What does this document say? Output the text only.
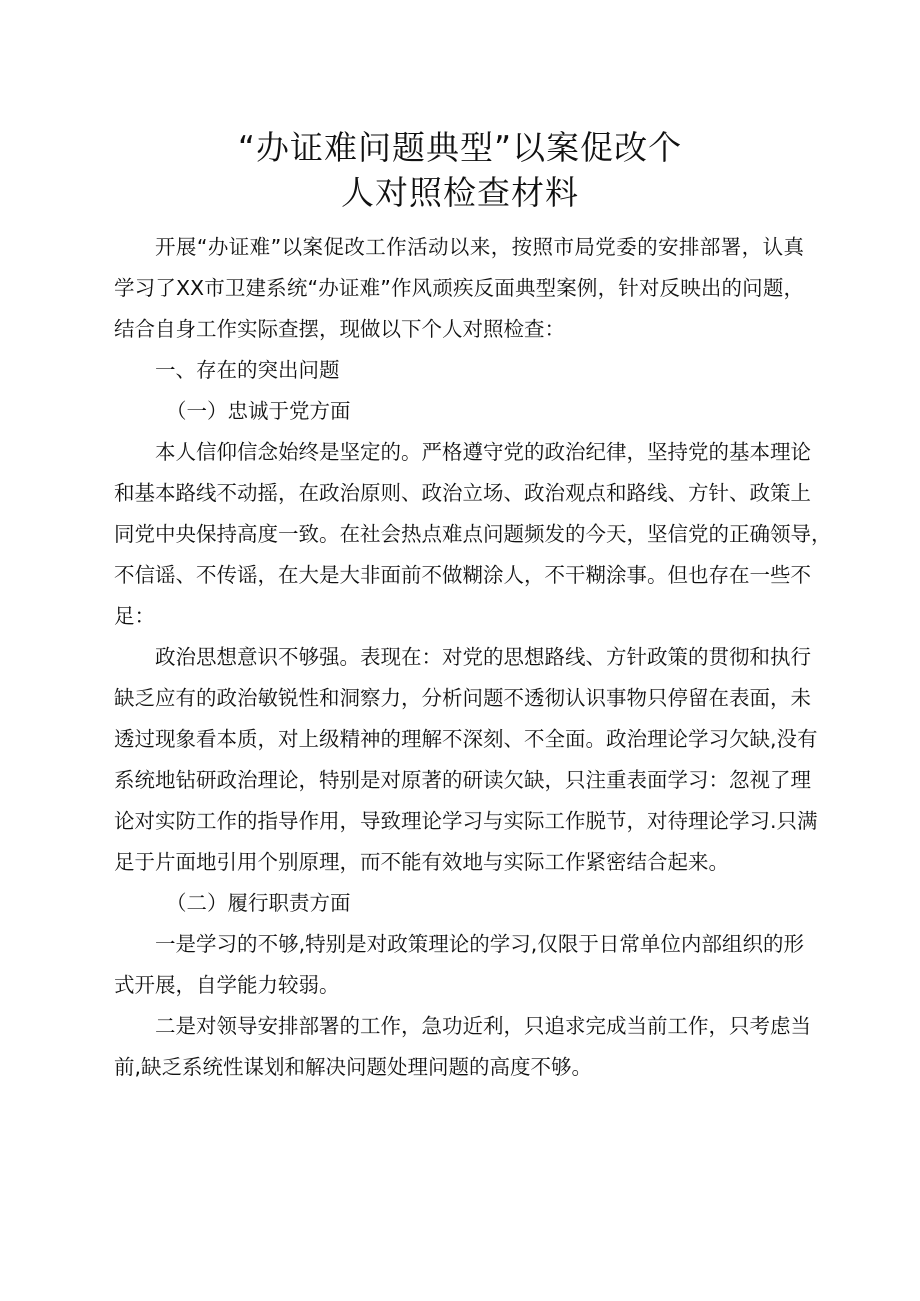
“办证难问题典型”以案促改个
人对照检查材料
开展“办证难”以案促改工作活动以来，按照市局党委的安排部署，认真
学习了XX市卫建系统“办证难”作风顽疾反面典型案例，针对反映出的问题，
结合自身工作实际查摆，现做以下个人对照检查：
一、存在的突出问题
（一）忠诚于党方面
本人信仰信念始终是坚定的。严格遵守党的政治纪律，坚持党的基本理论
和基本路线不动摇，在政治原则、政治立场、政治观点和路线、方针、政策上
同党中央保持高度一致。在社会热点难点问题频发的今天，坚信党的正确领导，
不信谣、不传谣，在大是大非面前不做糊涂人，不干糊涂事。但也存在一些不
足：
政治思想意识不够强。表现在：对党的思想路线、方针政策的贯彻和执行
缺乏应有的政治敏锐性和洞察力，分析问题不透彻认识事物只停留在表面，未
透过现象看本质，对上级精神的理解不深刻、不全面。政治理论学习欠缺,没有
系统地钻研政治理论，特别是对原著的研读欠缺，只注重表面学习：忽视了理
论对实防工作的指导作用，导致理论学习与实际工作脱节，对待理论学习.只满
足于片面地引用个别原理，而不能有效地与实际工作紧密结合起来。
（二）履行职责方面
一是学习的不够,特别是对政策理论的学习,仅限于日常单位内部组织的形
式开展，自学能力较弱。
二是对领导安排部署的工作，急功近利，只追求完成当前工作，只考虑当
前,缺乏系统性谋划和解决问题处理问题的高度不够。
